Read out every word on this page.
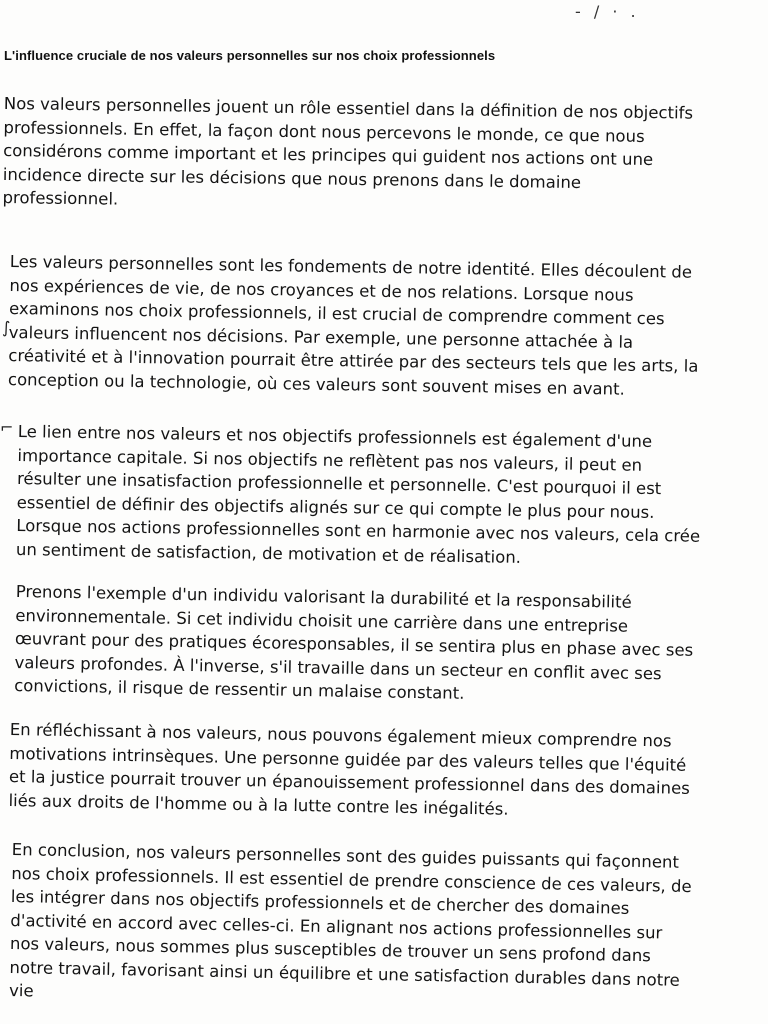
- / · .
L'influence cruciale de nos valeurs personnelles sur nos choix professionnels
Nos valeurs personnelles jouent un rôle essentiel dans la définition de nos objectifs
professionnels. En effet, la façon dont nous percevons le monde, ce que nous
considérons comme important et les principes qui guident nos actions ont une
incidence directe sur les décisions que nous prenons dans le domaine
professionnel.
Les valeurs personnelles sont les fondements de notre identité. Elles découlent de
nos expériences de vie, de nos croyances et de nos relations. Lorsque nous
examinons nos choix professionnels, il est crucial de comprendre comment ces
valeurs influencent nos décisions. Par exemple, une personne attachée à la
créativité et à l'innovation pourrait être attirée par des secteurs tels que les arts, la
conception ou la technologie, où ces valeurs sont souvent mises en avant.
Le lien entre nos valeurs et nos objectifs professionnels est également d'une
importance capitale. Si nos objectifs ne reflètent pas nos valeurs, il peut en
résulter une insatisfaction professionnelle et personnelle. C'est pourquoi il est
essentiel de définir des objectifs alignés sur ce qui compte le plus pour nous.
Lorsque nos actions professionnelles sont en harmonie avec nos valeurs, cela crée
un sentiment de satisfaction, de motivation et de réalisation.
Prenons l'exemple d'un individu valorisant la durabilité et la responsabilité
environnementale. Si cet individu choisit une carrière dans une entreprise
œuvrant pour des pratiques écoresponsables, il se sentira plus en phase avec ses
valeurs profondes. À l'inverse, s'il travaille dans un secteur en conflit avec ses
convictions, il risque de ressentir un malaise constant.
En réfléchissant à nos valeurs, nous pouvons également mieux comprendre nos
motivations intrinsèques. Une personne guidée par des valeurs telles que l'équité
et la justice pourrait trouver un épanouissement professionnel dans des domaines
liés aux droits de l'homme ou à la lutte contre les inégalités.
En conclusion, nos valeurs personnelles sont des guides puissants qui façonnent
nos choix professionnels. Il est essentiel de prendre conscience de ces valeurs, de
les intégrer dans nos objectifs professionnels et de chercher des domaines
d'activité en accord avec celles-ci. En alignant nos actions professionnelles sur
nos valeurs, nous sommes plus susceptibles de trouver un sens profond dans
notre travail, favorisant ainsi un équilibre et une satisfaction durables dans notre
vie
∫
⌐
